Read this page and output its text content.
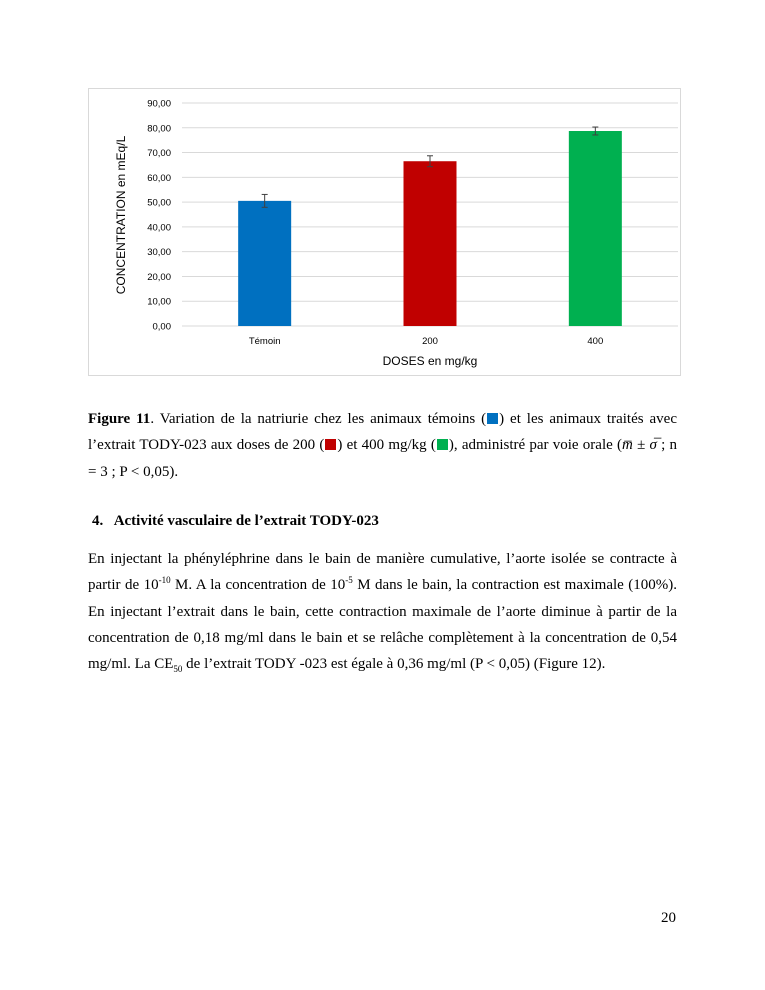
0,00
10,00
20,00
30,00
40,00
50,00
60,00
70,00
80,00
90,00
Témoin	200	400
DOSES en mg/kg
CONCENTRATION en mEq/L

Figure 11. Variation de la natriurie chez les animaux témoins ( ) et les animaux traités avec l’extrait TODY-023 aux doses de 200 ( ) et 400 mg/kg ( ), administré par voie orale (m̅ ± σ̅ ; n = 3 ; P < 0,05).

4. Activité vasculaire de l’extrait TODY-023

En injectant la phényléphrine dans le bain de manière cumulative, l’aorte isolée se contracte à partir de $10^{-10}$ M. A la concentration de $10^{-5}$ M dans le bain, la contraction est maximale (100%). En injectant l’extrait dans le bain, cette contraction maximale de l’aorte diminue à partir de la concentration de 0,18 mg/ml dans le bain et se relâche complètement à la concentration de 0,54 mg/ml. La $CE_{50}$ de l’extrait TODY -023 est égale à 0,36 mg/ml (P < 0,05) (Figure 12).

20
